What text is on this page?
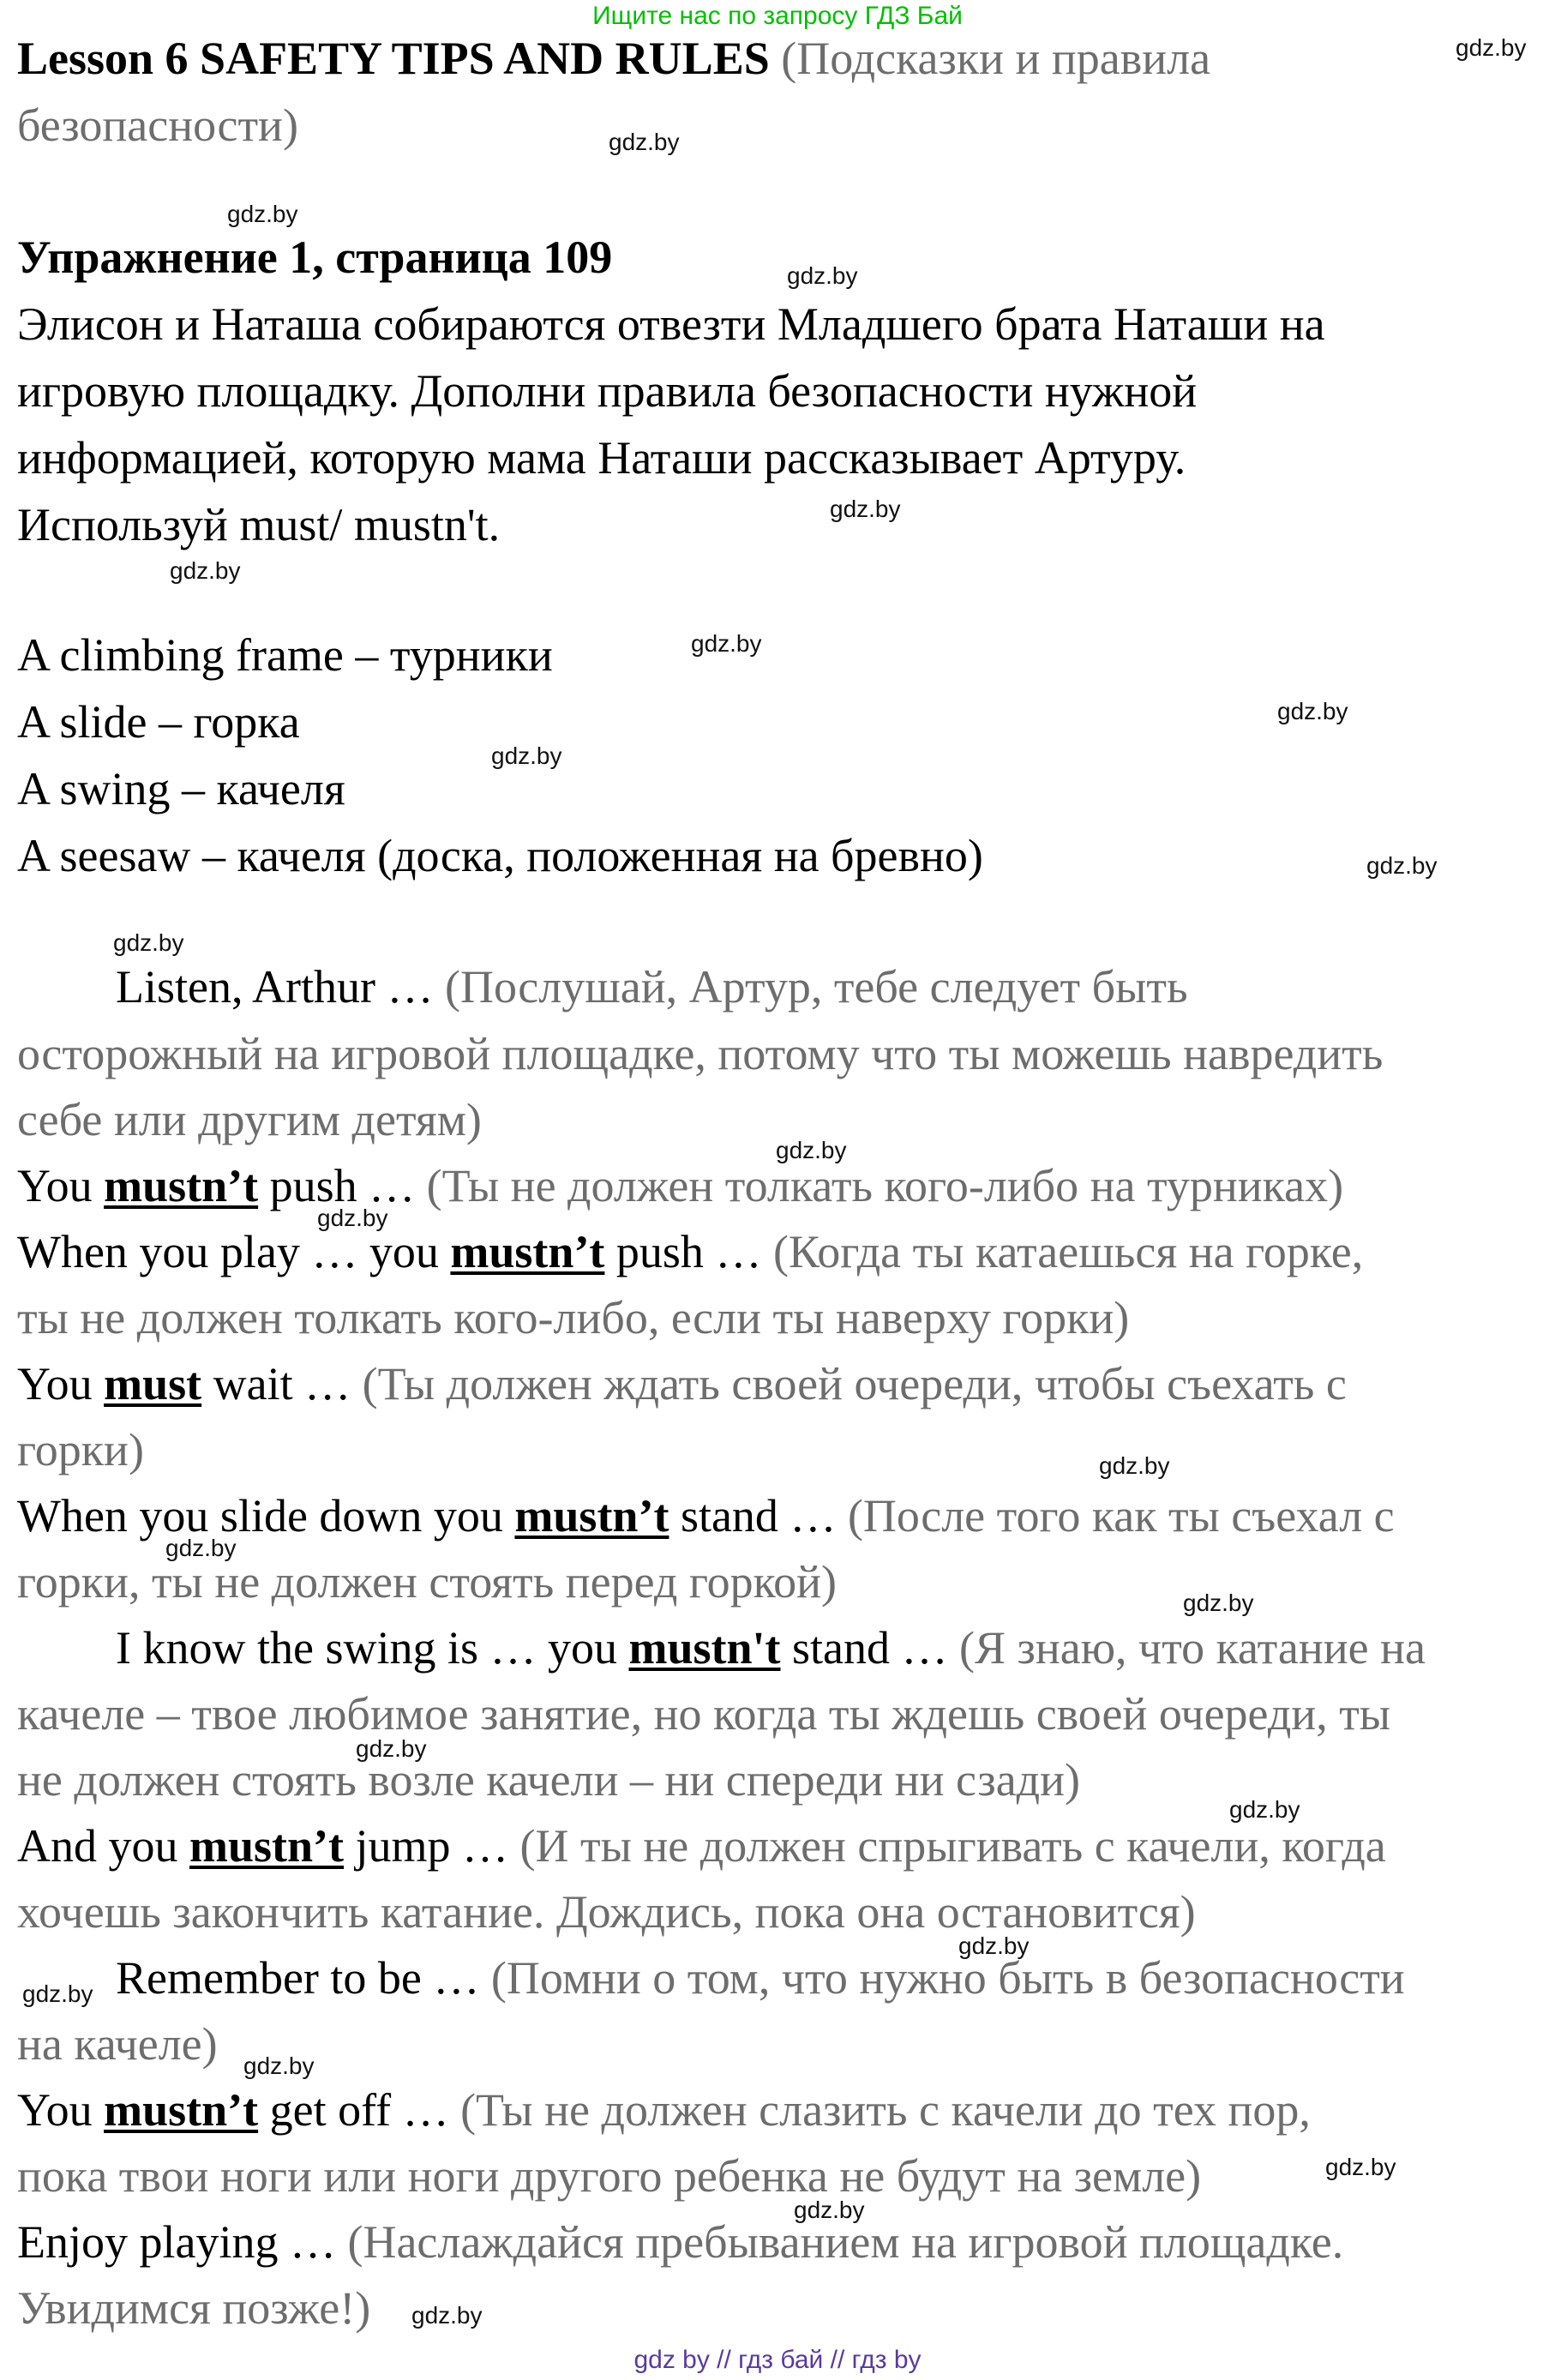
Ищите нас по запросу ГДЗ Бай
Lesson 6 SAFETY TIPS AND RULES (Подсказки и правила
безопасности)
Упражнение 1, страница 109
Элисон и Наташа собираются отвезти Младшего брата Наташи на
игровую площадку. Дополни правила безопасности нужной
информацией, которую мама Наташи рассказывает Артуру.
Используй must/ mustn't.
A climbing frame – турники
A slide – горка
A swing – качеля
A seesaw – качеля (доска, положенная на бревно)
Listen, Arthur … (Послушай, Артур, тебе следует быть
осторожный на игровой площадке, потому что ты можешь навредить
себе или другим детям)
You mustn’t push … (Ты не должен толкать кого-либо на турниках)
When you play … you mustn’t push … (Когда ты катаешься на горке,
ты не должен толкать кого-либо, если ты наверху горки)
You must wait … (Ты должен ждать своей очереди, чтобы съехать с
горки)
When you slide down you mustn’t stand … (После того как ты съехал с
горки, ты не должен стоять перед горкой)
I know the swing is … you mustn't stand … (Я знаю, что катание на
качеле – твое любимое занятие, но когда ты ждешь своей очереди, ты
не должен стоять возле качели – ни спереди ни сзади)
And you mustn’t jump … (И ты не должен спрыгивать с качели, когда
хочешь закончить катание. Дождись, пока она остановится)
Remember to be … (Помни о том, что нужно быть в безопасности
на качеле)
You mustn’t get off … (Ты не должен слазить с качели до тех пор,
пока твои ноги или ноги другого ребенка не будут на земле)
Enjoy playing … (Наслаждайся пребыванием на игровой площадке.
Увидимся позже!)
gdz.by
gdz.by
gdz.by
gdz.by
gdz.by
gdz.by
gdz.by
gdz.by
gdz.by
gdz.by
gdz.by
gdz.by
gdz.by
gdz.by
gdz.by
gdz.by
gdz.by
gdz.by
gdz.by
gdz.by
gdz.by
gdz.by
gdz.by
gdz.by
gdz by // гдз бай // гдз by
